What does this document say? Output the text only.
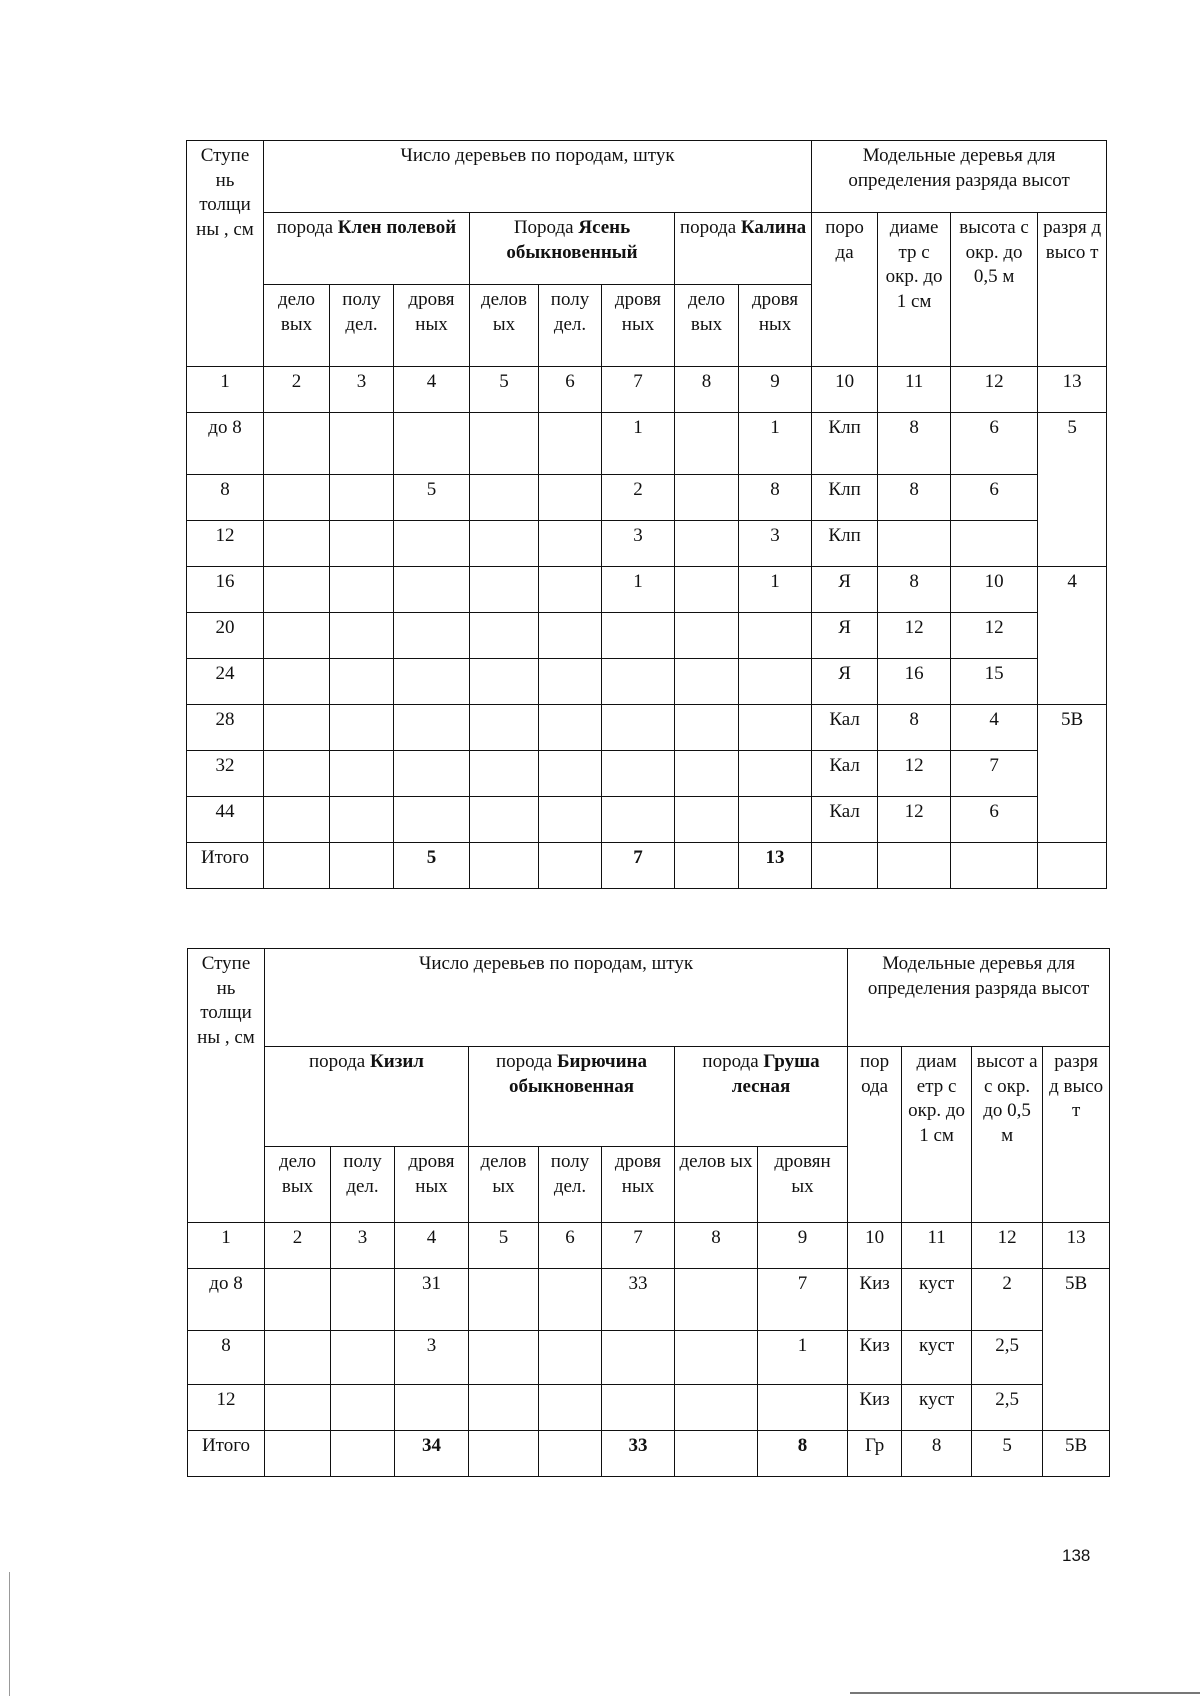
Ступе нь толщи ны , см	Число деревьев по породам, штук								Модельные деревья для определения разряда высот			
	порода Клен полевой			Порода Ясень обыкновенный			порода Калина		поро да	диаме тр с окр. до 1 см	высота с окр. до 0,5 м	разря д высо т
	дело вых	полу дел.	дровя ных	делов ых	полу дел.	дровя ных	дело вых	дровя ных				
1	2	3	4	5	6	7	8	9	10	11	12	13
до 8						1		1	Клп	8	6	5
8			5			2		8	Клп	8	6	
12						3		3	Клп			
16						1		1	Я	8	10	4
20									Я	12	12	
24									Я	16	15	
28									Кал	8	4	5В
32									Кал	12	7	
44									Кал	12	6	
Итого			5			7		13				
Ступе нь толщи ны , см	Число деревьев по породам, штук								Модельные деревья для определения разряда высот			
	порода Кизил			порода Бирючина обыкновенная			порода Груша лесная		пор ода	диам етр с окр. до 1 см	высот а с окр. до 0,5 м	разря д высо т
	дело вых	полу дел.	дровя ных	делов ых	полу дел.	дровя ных	делов ых	дровян ых				
1	2	3	4	5	6	7	8	9	10	11	12	13
до 8			31			33		7	Киз	куст	2	5В
8			3					1	Киз	куст	2,5	
12									Киз	куст	2,5	
Итого			34			33		8	Гр	8	5	5В
138
